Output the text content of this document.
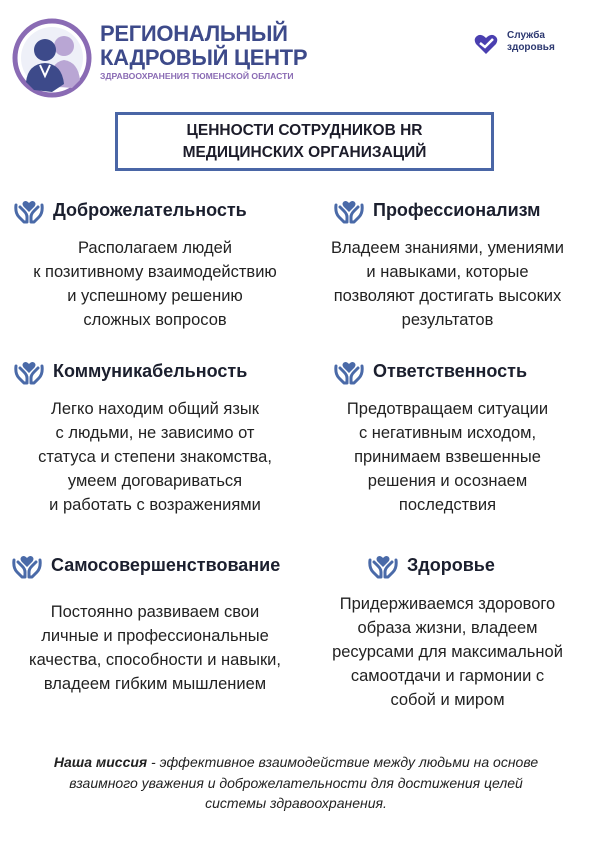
РЕГИОНАЛЬНЫЙ
КАДРОВЫЙ ЦЕНТР
ЗДРАВООХРАНЕНИЯ ТЮМЕНСКОЙ ОБЛАСТИ
Служба
здоровья
ЦЕННОСТИ СОТРУДНИКОВ HR
МЕДИЦИНСКИХ ОРГАНИЗАЦИЙ
Доброжелательность
Располагаем людей
к позитивному взаимодействию
и успешному решению
сложных вопросов
Профессионализм
Владеем знаниями, умениями
и навыками, которые
позволяют достигать высоких
результатов
Коммуникабельность
Легко находим общий язык
с людьми, не зависимо от
статуса и степени знакомства,
умеем договариваться
и работать с возражениями
Ответственность
Предотвращаем ситуации
с негативным исходом,
принимаем взвешенные
решения и осознаем
последствия
Самосовершенствование
Постоянно развиваем свои
личные и профессиональные
качества, способности и навыки,
владеем гибким мышлением
Здоровье
Придерживаемся здорового
образа жизни, владеем
ресурсами для максимальной
самоотдачи и гармонии с
собой и миром
Наша миссия - эффективное взаимодействие между людьми на основе взаимного уважения и доброжелательности для достижения целей системы здравоохранения.
